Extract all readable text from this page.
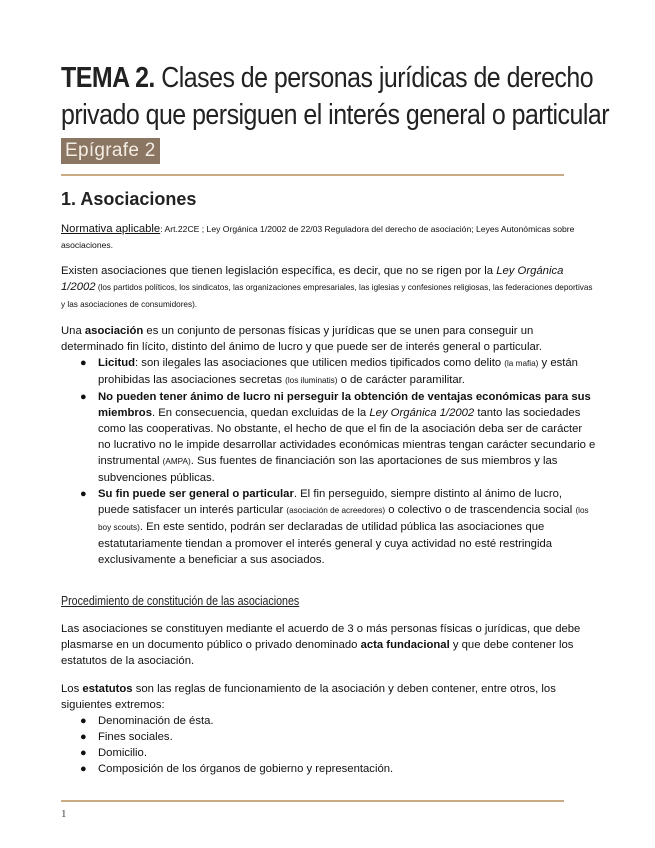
TEMA 2. Clases de personas jurídicas de derecho
privado que persiguen el interés general o particular
Epígrafe 2
1. Asociaciones
Normativa aplicable: Art.22CE ; Ley Orgánica 1/2002 de 22/03 Reguladora del derecho de asociación; Leyes Autonómicas sobre asociaciones.
Existen asociaciones que tienen legislación específica, es decir, que no se rigen por la Ley Orgánica 1/2002 (los partidos políticos, los sindicatos, las organizaciones empresariales, las iglesias y confesiones religiosas, las federaciones deportivas y las asociaciones de consumidores).
Una asociación es un conjunto de personas físicas y jurídicas que se unen para conseguir un determinado fin lícito, distinto del ánimo de lucro y que puede ser de interés general o particular.
● Licitud: son ilegales las asociaciones que utilicen medios tipificados como delito (la mafia) y están prohibidas las asociaciones secretas (los iluminatis) o de carácter paramilitar.
● No pueden tener ánimo de lucro ni perseguir la obtención de ventajas económicas para sus miembros. En consecuencia, quedan excluidas de la Ley Orgánica 1/2002 tanto las sociedades como las cooperativas. No obstante, el hecho de que el fin de la asociación deba ser de carácter no lucrativo no le impide desarrollar actividades económicas mientras tengan carácter secundario e instrumental (AMPA). Sus fuentes de financiación son las aportaciones de sus miembros y las subvenciones públicas.
● Su fin puede ser general o particular. El fin perseguido, siempre distinto al ánimo de lucro, puede satisfacer un interés particular (asociación de acreedores) o colectivo o de trascendencia social (los boy scouts). En este sentido, podrán ser declaradas de utilidad pública las asociaciones que estatutariamente tiendan a promover el interés general y cuya actividad no esté restringida exclusivamente a beneficiar a sus asociados.
Procedimiento de constitución de las asociaciones
Las asociaciones se constituyen mediante el acuerdo de 3 o más personas físicas o jurídicas, que debe plasmarse en un documento público o privado denominado acta fundacional y que debe contener los estatutos de la asociación.
Los estatutos son las reglas de funcionamiento de la asociación y deben contener, entre otros, los siguientes extremos:
● Denominación de ésta.
● Fines sociales.
● Domicilio.
● Composición de los órganos de gobierno y representación.
1
